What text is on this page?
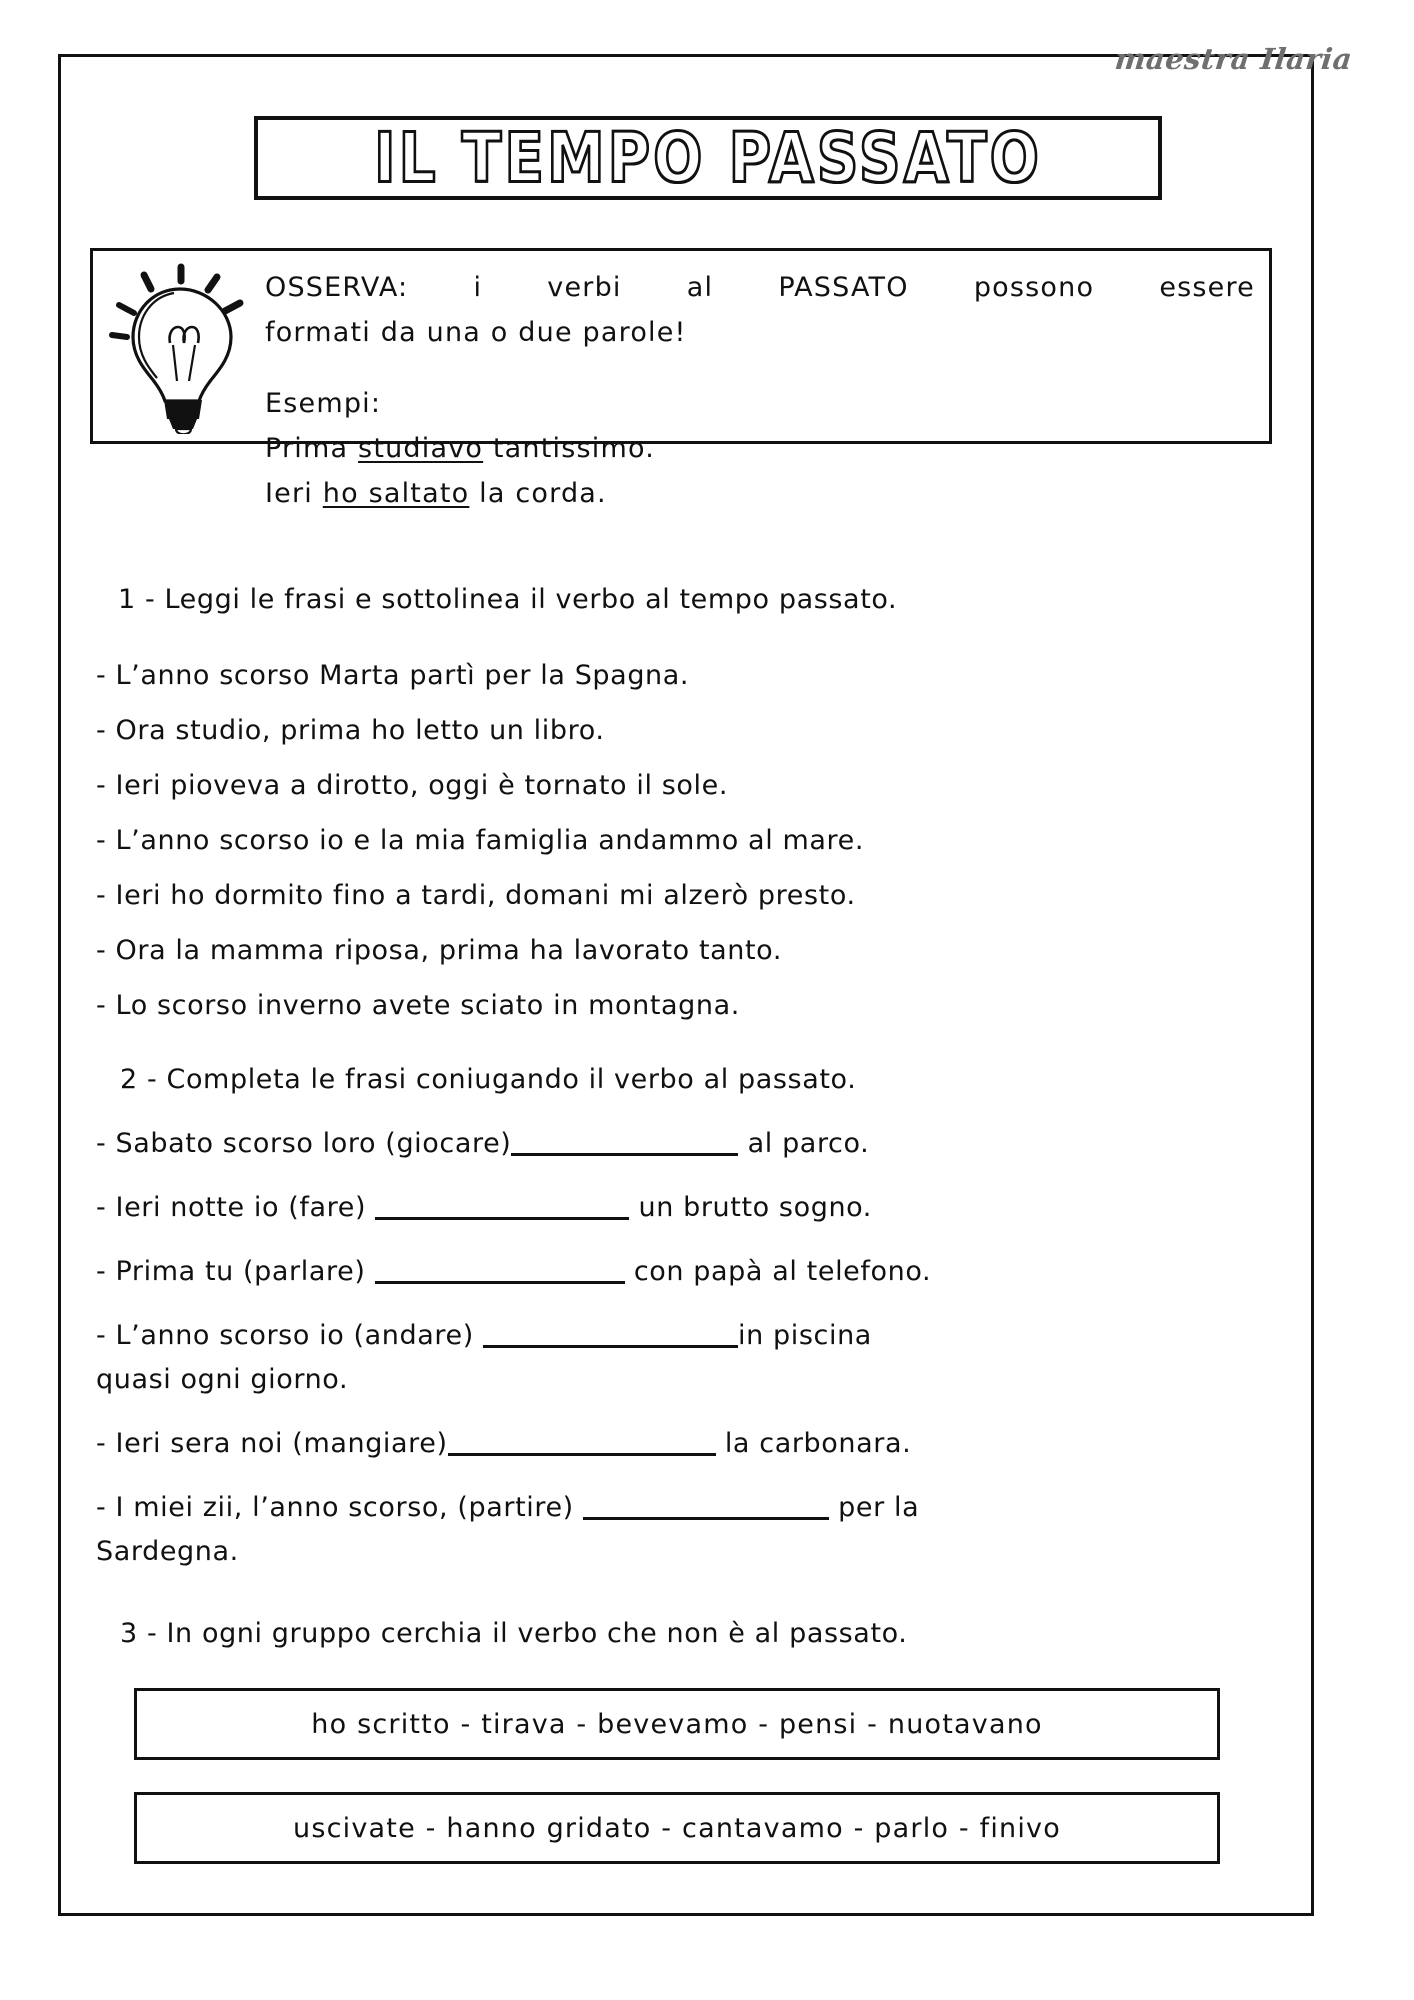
maestra Ilaria
IL TEMPO PASSATO
OSSERVA: i verbi al PASSATO possono essere
formati da una o due parole!
Esempi:
Prima studiavo tantissimo.
Ieri ho saltato la corda.
1 - Leggi le frasi e sottolinea il verbo al tempo passato.
- L’anno scorso Marta partì per la Spagna.
- Ora studio, prima ho letto un libro.
- Ieri pioveva a dirotto, oggi è tornato il sole.
- L’anno scorso io e la mia famiglia andammo al mare.
- Ieri ho dormito fino a tardi, domani mi alzerò presto.
- Ora la mamma riposa, prima ha lavorato tanto.
- Lo scorso inverno avete sciato in montagna.
2 - Completa le frasi coniugando il verbo al passato.
- Sabato scorso loro (giocare)	al parco.
- Ieri notte io (fare)	un brutto sogno.
- Prima tu (parlare)	con papà al telefono.
- L’anno scorso io (andare)	in piscina
quasi ogni giorno.
- Ieri sera noi (mangiare)	la carbonara.
- I miei zii, l’anno scorso, (partire)	per la
Sardegna.
3 - In ogni gruppo cerchia il verbo che non è al passato.
ho scritto - tirava - bevevamo - pensi - nuotavano
uscivate - hanno gridato - cantavamo - parlo - finivo
